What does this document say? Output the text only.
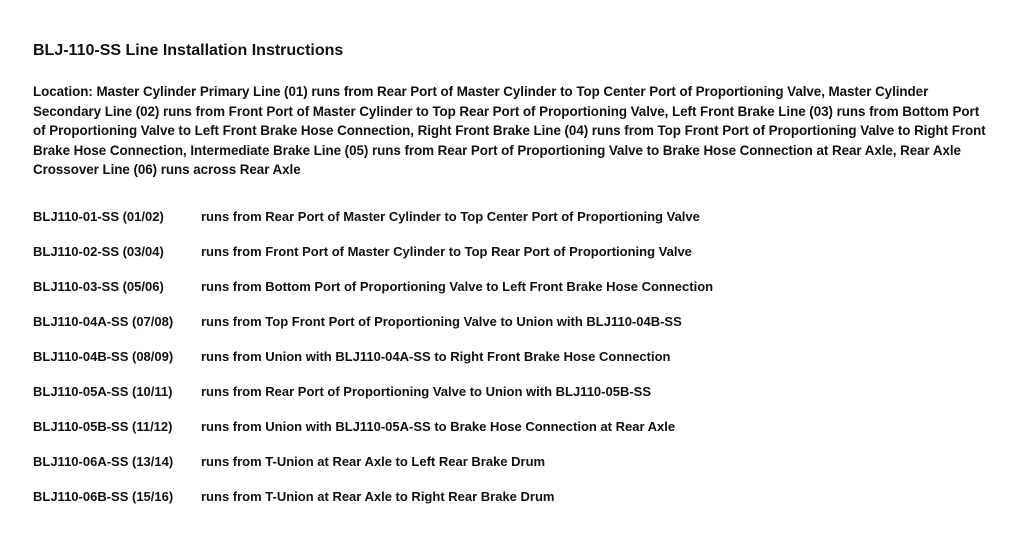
BLJ-110-SS Line Installation Instructions
Location: Master Cylinder Primary Line (01) runs from Rear Port of Master Cylinder to Top Center Port of Proportioning Valve, Master Cylinder Secondary Line (02) runs from Front Port of Master Cylinder to Top Rear Port of Proportioning Valve, Left Front Brake Line (03) runs from Bottom Port of Proportioning Valve to Left Front Brake Hose Connection, Right Front Brake Line (04) runs from Top Front Port of Proportioning Valve to Right Front Brake Hose Connection, Intermediate Brake Line (05) runs from Rear Port of Proportioning Valve to Brake Hose Connection at Rear Axle, Rear Axle Crossover Line (06) runs across Rear Axle
BLJ110-01-SS (01/02)	runs from Rear Port of Master Cylinder to Top Center Port of Proportioning Valve
BLJ110-02-SS (03/04)	runs from Front Port of Master Cylinder to Top Rear Port of Proportioning Valve
BLJ110-03-SS (05/06)	runs from Bottom Port of Proportioning Valve to Left Front Brake Hose Connection
BLJ110-04A-SS (07/08)	runs from Top Front Port of Proportioning Valve to Union with BLJ110-04B-SS
BLJ110-04B-SS (08/09)	runs from Union with BLJ110-04A-SS to Right Front Brake Hose Connection
BLJ110-05A-SS (10/11)	runs from Rear Port of Proportioning Valve to Union with BLJ110-05B-SS
BLJ110-05B-SS (11/12)	runs from Union with BLJ110-05A-SS to Brake Hose Connection at Rear Axle
BLJ110-06A-SS (13/14)	runs from T-Union at Rear Axle to Left Rear Brake Drum
BLJ110-06B-SS (15/16)	runs from T-Union at Rear Axle to Right Rear Brake Drum
